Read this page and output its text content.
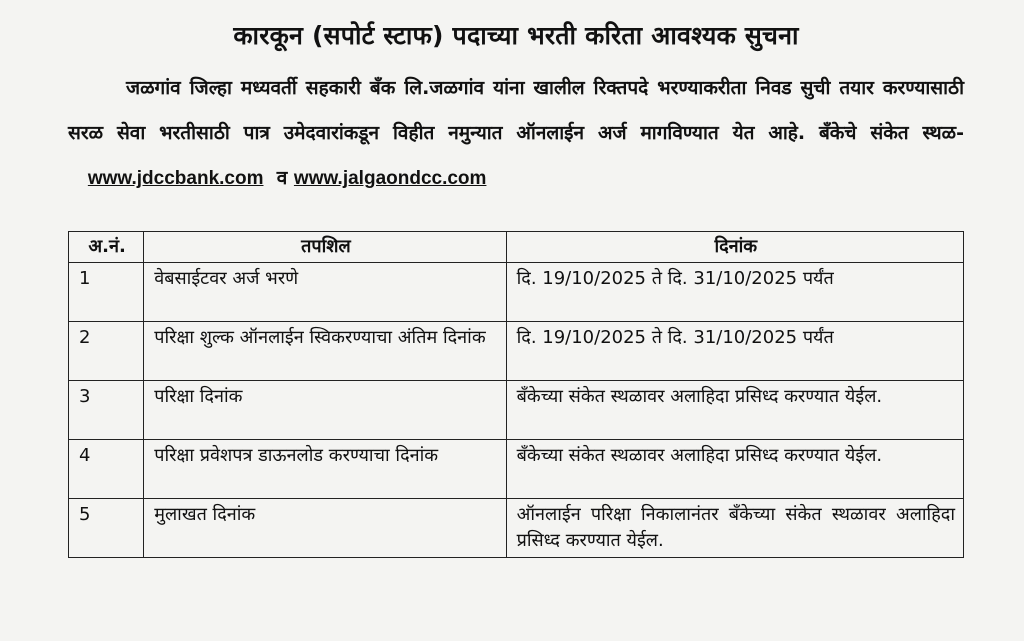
कारकून (सपोर्ट स्टाफ) पदाच्या भरती करिता आवश्यक सुचना

जळगांव जिल्हा मध्यवर्ती सहकारी बँक लि.जळगांव यांना खालील रिक्तपदे भरण्याकरीता निवड सुची तयार करण्यासाठी सरळ सेवा भरतीसाठी पात्र उमेदवारांकडून विहीत नमुन्यात ऑनलाईन अर्ज मागविण्यात येत आहे. बँकेचे संकेत स्थळ-    www.jdccbank.com व www.jalgaondcc.com

अ.नं.	तपशिल	दिनांक
1	वेबसाईटवर अर्ज भरणे	दि. 19/10/2025 ते दि. 31/10/2025 पर्यंत
2	परिक्षा शुल्क ऑनलाईन स्विकरण्याचा अंतिम दिनांक	दि. 19/10/2025 ते दि. 31/10/2025 पर्यंत
3	परिक्षा दिनांक	बँकेच्या संकेत स्थळावर अलाहिदा प्रसिध्द करण्यात येईल.
4	परिक्षा प्रवेशपत्र डाऊनलोड करण्याचा दिनांक	बँकेच्या संकेत स्थळावर अलाहिदा प्रसिध्द करण्यात येईल.
5	मुलाखत दिनांक	ऑनलाईन परिक्षा निकालानंतर बँकेच्या संकेत स्थळावर अलाहिदा प्रसिध्द करण्यात येईल.
